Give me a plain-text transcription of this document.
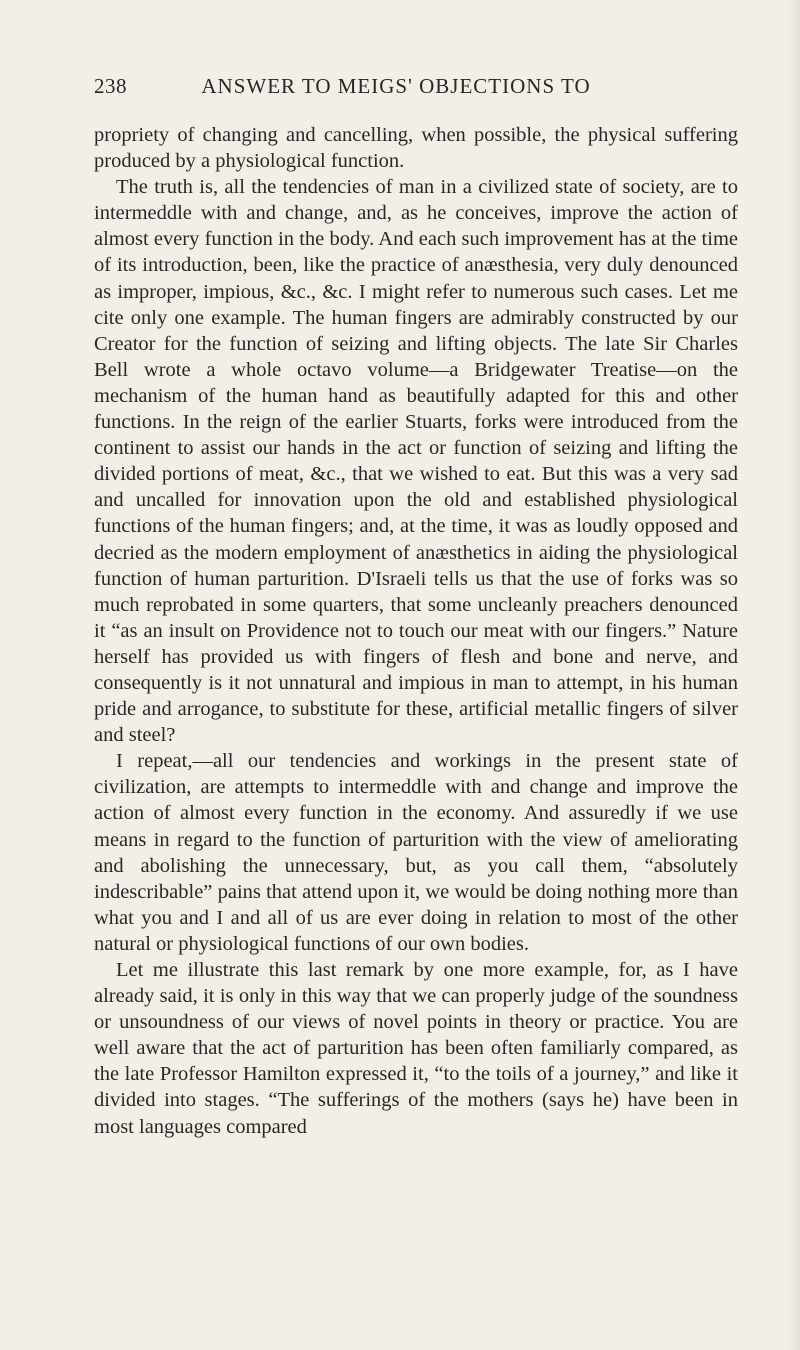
238	ANSWER TO MEIGS' OBJECTIONS TO

propriety of changing and cancelling, when possible, the physical suffering produced by a physiological function.

The truth is, all the tendencies of man in a civilized state of society, are to intermeddle with and change, and, as he conceives, improve the action of almost every function in the body. And each such improvement has at the time of its introduction, been, like the practice of anæsthesia, very duly denounced as improper, impious, &c., &c. I might refer to numerous such cases. Let me cite only one example. The human fingers are admirably constructed by our Creator for the function of seizing and lifting objects. The late Sir Charles Bell wrote a whole octavo volume—a Bridgewater Treatise—on the mechanism of the human hand as beautifully adapted for this and other functions. In the reign of the earlier Stuarts, forks were introduced from the continent to assist our hands in the act or function of seizing and lifting the divided portions of meat, &c., that we wished to eat. But this was a very sad and uncalled for innovation upon the old and established physiological functions of the human fingers; and, at the time, it was as loudly opposed and decried as the modern employment of anæsthetics in aiding the physiological function of human parturition. D'Israeli tells us that the use of forks was so much reprobated in some quarters, that some uncleanly preachers denounced it “as an insult on Providence not to touch our meat with our fingers.” Nature herself has provided us with fingers of flesh and bone and nerve, and consequently is it not unnatural and impious in man to attempt, in his human pride and arrogance, to substitute for these, artificial metallic fingers of silver and steel?

I repeat,—all our tendencies and workings in the present state of civilization, are attempts to intermeddle with and change and improve the action of almost every function in the economy. And assuredly if we use means in regard to the function of parturition with the view of ameliorating and abolishing the unnecessary, but, as you call them, “absolutely indescribable” pains that attend upon it, we would be doing nothing more than what you and I and all of us are ever doing in relation to most of the other natural or physiological functions of our own bodies.

Let me illustrate this last remark by one more example, for, as I have already said, it is only in this way that we can properly judge of the soundness or unsoundness of our views of novel points in theory or practice. You are well aware that the act of parturition has been often familiarly compared, as the late Professor Hamilton expressed it, “to the toils of a journey,” and like it divided into stages. “The sufferings of the mothers (says he) have been in most languages compared
